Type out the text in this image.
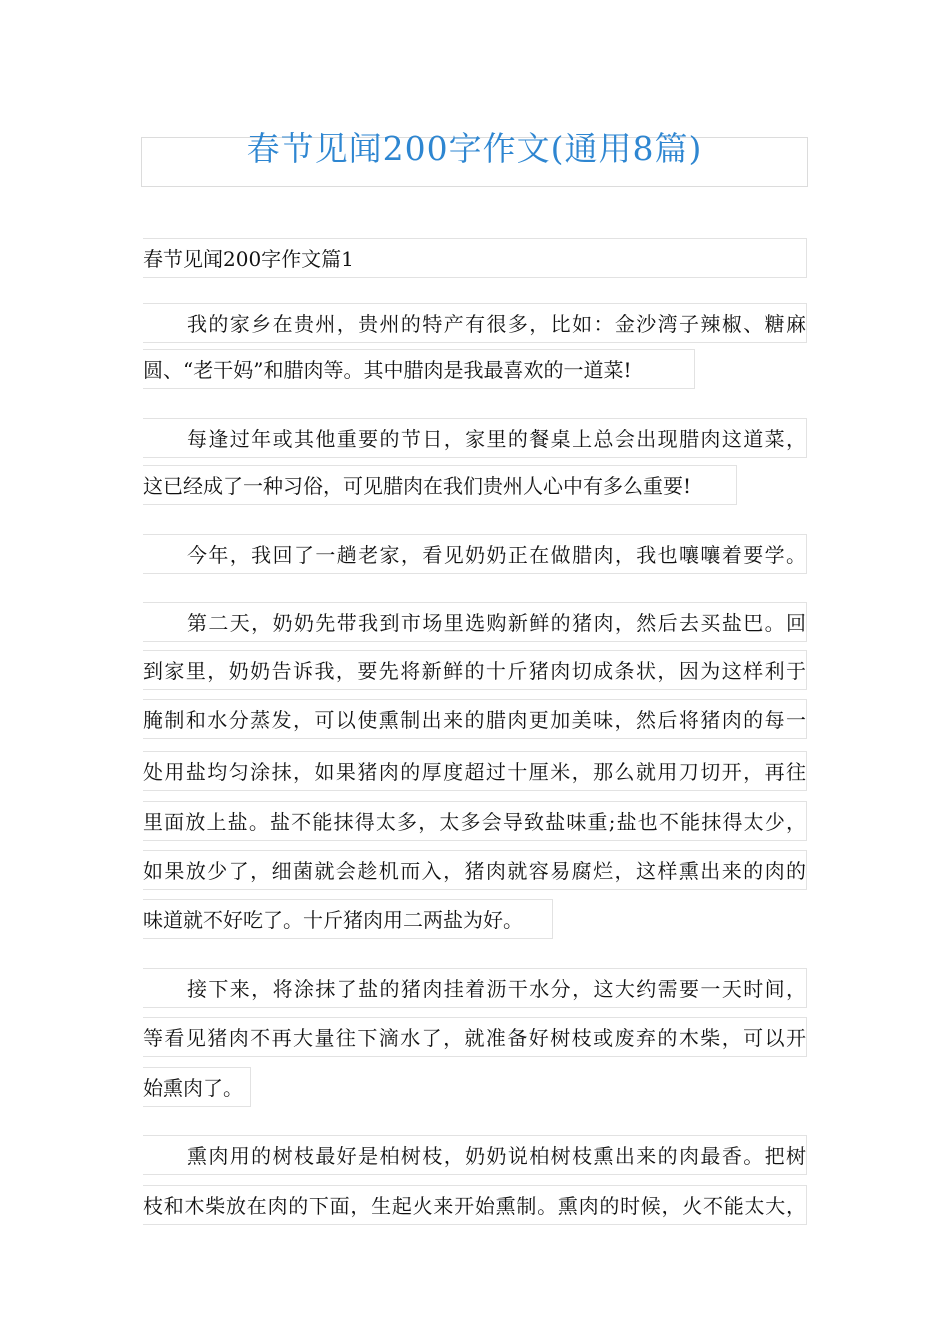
春节见闻200字作文(通用8篇)
春节见闻200字作文篇1
我的家乡在贵州，贵州的特产有很多，比如：金沙湾子辣椒、糖麻
圆、“老干妈”和腊肉等。其中腊肉是我最喜欢的一道菜!
每逢过年或其他重要的节日，家里的餐桌上总会出现腊肉这道菜，
这已经成了一种习俗，可见腊肉在我们贵州人心中有多么重要!
今年，我回了一趟老家，看见奶奶正在做腊肉，我也嚷嚷着要学。
第二天，奶奶先带我到市场里选购新鲜的猪肉，然后去买盐巴。回
到家里，奶奶告诉我，要先将新鲜的十斤猪肉切成条状，因为这样利于
腌制和水分蒸发，可以使熏制出来的腊肉更加美味，然后将猪肉的每一
处用盐均匀涂抹，如果猪肉的厚度超过十厘米，那么就用刀切开，再往
里面放上盐。盐不能抹得太多，太多会导致盐味重;盐也不能抹得太少，
如果放少了，细菌就会趁机而入，猪肉就容易腐烂，这样熏出来的肉的
味道就不好吃了。十斤猪肉用二两盐为好。
接下来，将涂抹了盐的猪肉挂着沥干水分，这大约需要一天时间，
等看见猪肉不再大量往下滴水了，就准备好树枝或废弃的木柴，可以开
始熏肉了。
熏肉用的树枝最好是柏树枝，奶奶说柏树枝熏出来的肉最香。把树
枝和木柴放在肉的下面，生起火来开始熏制。熏肉的时候，火不能太大，
